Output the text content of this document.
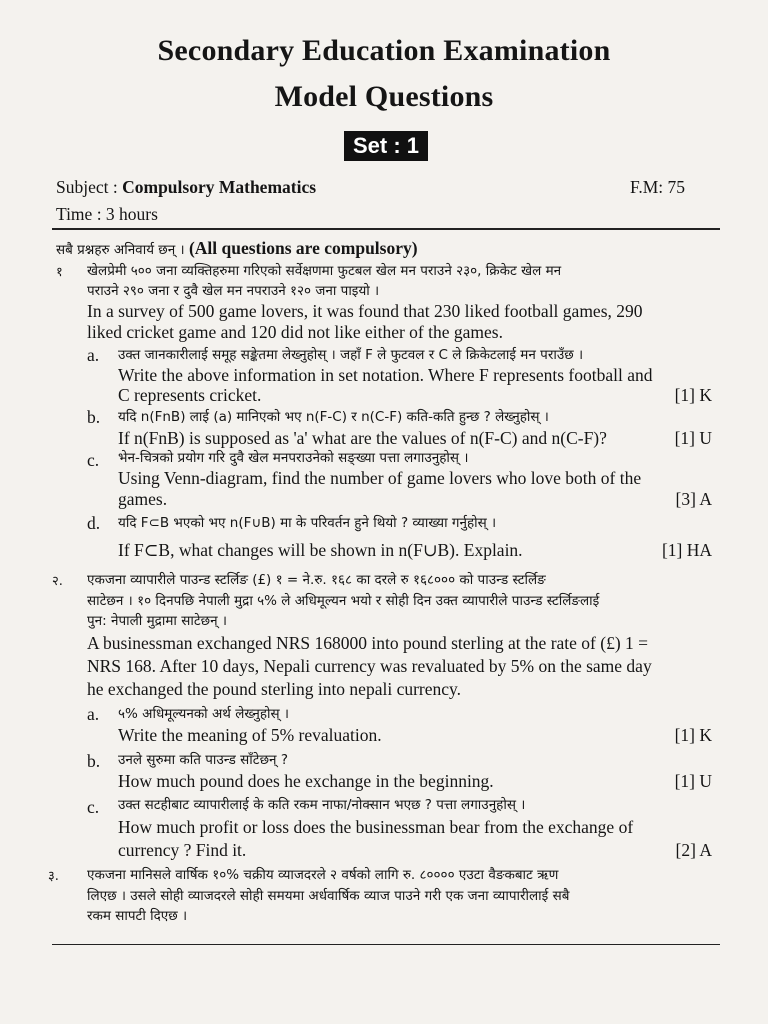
Secondary Education Examination
Model Questions
Set : 1
Subject : Compulsory Mathematics	F.M: 75
Time : 3 hours
सबै प्रश्नहरु अनिवार्य छन् । (All questions are compulsory)
१ खेलप्रेमी ५०० जना व्यक्तिहरुमा गरिएको सर्वेक्षणमा फुटबल खेल मन पराउने २३०, क्रिकेट खेल मन
पराउने २९० जना र दुवै खेल मन नपराउने १२० जना पाइयो ।
In a survey of 500 game lovers, it was found that 230 liked football games, 290
liked cricket game and 120 did not like either of the games.
a. उक्त जानकारीलाई समूह सङ्केतमा लेख्नुहोस् । जहाँ F ले फुटवल र C ले क्रिकेटलाई मन पराउँछ ।
Write the above information in set notation. Where F represents football and
C represents cricket.	[1] K
b. यदि n(FnB) लाई (a) मानिएको भए n(F-C) र n(C-F) कति-कति हुन्छ ? लेख्नुहोस् ।
If n(FnB) is supposed as 'a' what are the values of n(F-C) and n(C-F)?	[1] U
c. भेन-चित्रको प्रयोग गरि दुवै खेल मनपराउनेको सङ्ख्या पत्ता लगाउनुहोस् ।
Using Venn-diagram, find the number of game lovers who love both of the
games.	[3] A
d. यदि F⊂B भएको भए n(F∪B) मा के परिवर्तन हुने थियो ? व्याख्या गर्नुहोस् ।
If F⊂B, what changes will be shown in n(F∪B). Explain.	[1] HA
२. एकजना व्यापारीले पाउन्ड स्टर्लिङ (£) १ = ने.रु. १६८ का दरले रु १६८००० को पाउन्ड स्टर्लिङ
साटेछन । १० दिनपछि नेपाली मुद्रा ५% ले अधिमूल्यन भयो र सोही दिन उक्त व्यापारीले पाउन्ड स्टर्लिङलाई
पुन: नेपाली मुद्रामा साटेछन् ।
A businessman exchanged NRS 168000 into pound sterling at the rate of (£) 1 =
NRS 168. After 10 days, Nepali currency was revaluated by 5% on the same day
he exchanged the pound sterling into nepali currency.
a. ५% अधिमूल्यनको अर्थ लेख्नुहोस् ।
Write the meaning of 5% revaluation.	[1] K
b. उनले सुरुमा कति पाउन्ड साँटेछन् ?
How much pound does he exchange in the beginning.	[1] U
c. उक्त सटहीबाट व्यापारीलाई के कति रकम नाफा/नोक्सान भएछ ? पत्ता लगाउनुहोस् ।
How much profit or loss does the businessman bear from the exchange of
currency ? Find it.	[2] A
३. एकजना मानिसले वार्षिक १०% चक्रीय व्याजदरले २ वर्षको लागि रु. ८०००० एउटा वैङकबाट ऋण
लिएछ । उसले सोही व्याजदरले सोही समयमा अर्धवार्षिक व्याज पाउने गरी एक जना व्यापारीलाई सबै
रकम सापटी दिएछ ।
